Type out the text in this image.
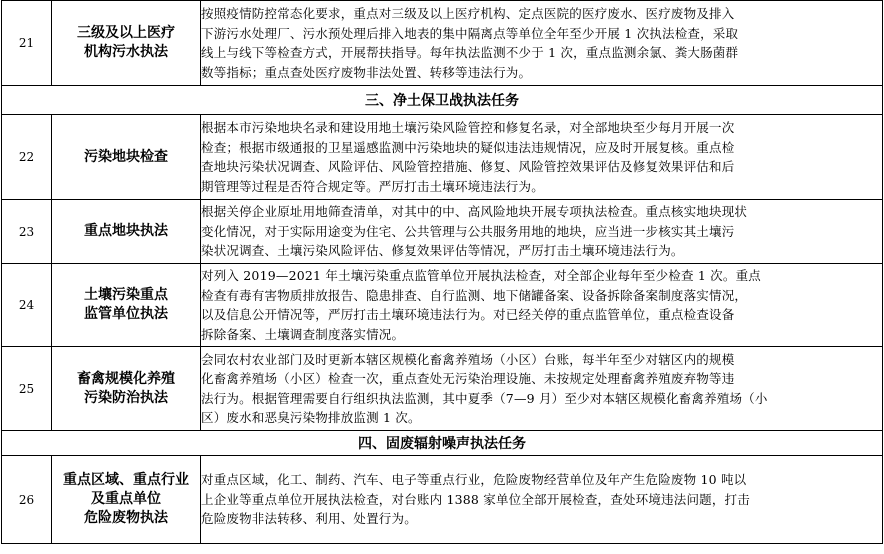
21	三级及以上医疗
机构污水执法	按照疫情防控常态化要求，重点对三级及以上医疗机构、定点医院的医疗废水、医疗废物及排入
下游污水处理厂、污水预处理后排入地表的集中隔离点等单位全年至少开展 1 次执法检查，采取
线上与线下等检查方式，开展帮扶指导。每年执法监测不少于 1 次，重点监测余氯、粪大肠菌群
数等指标；重点查处医疗废物非法处置、转移等违法行为。

三、净土保卫战执法任务		
22	污染地块检查	根据本市污染地块名录和建设用地土壤污染风险管控和修复名录，对全部地块至少每月开展一次
检查；根据市级通报的卫星遥感监测中污染地块的疑似违法违规情况，应及时开展复核。重点检
查地块污染状况调查、风险评估、风险管控措施、修复、风险管控效果评估及修复效果评估和后
期管理等过程是否符合规定等。严厉打击土壤环境违法行为。

23	重点地块执法	根据关停企业原址用地筛查清单，对其中的中、高风险地块开展专项执法检查。重点核实地块现状
变化情况，对于实际用途变为住宅、公共管理与公共服务用地的地块，应当进一步核实其土壤污
染状况调查、土壤污染风险评估、修复效果评估等情况，严厉打击土壤环境违法行为。

24	土壤污染重点
监管单位执法	对列入 2019—2021 年土壤污染重点监管单位开展执法检查，对全部企业每年至少检查 1 次。重点
检查有毒有害物质排放报告、隐患排查、自行监测、地下储罐备案、设备拆除备案制度落实情况，
以及信息公开情况等，严厉打击土壤环境违法行为。对已经关停的重点监管单位，重点检查设备
拆除备案、土壤调查制度落实情况。

25	畜禽规模化养殖
污染防治执法	会同农村农业部门及时更新本辖区规模化畜禽养殖场（小区）台账，每半年至少对辖区内的规模
化畜禽养殖场（小区）检查一次，重点查处无污染治理设施、未按规定处理畜禽养殖废弃物等违
法行为。根据管理需要自行组织执法监测，其中夏季（7—9 月）至少对本辖区规模化畜禽养殖场（小
区）废水和恶臭污染物排放监测 1 次。

四、固废辐射噪声执法任务		
26	重点区域、重点行业
及重点单位
危险废物执法	对重点区域，化工、制药、汽车、电子等重点行业，危险废物经营单位及年产生危险废物 10 吨以
上企业等重点单位开展执法检查，对台账内 1388 家单位全部开展检查，查处环境违法问题，打击
危险废物非法转移、利用、处置行为。
